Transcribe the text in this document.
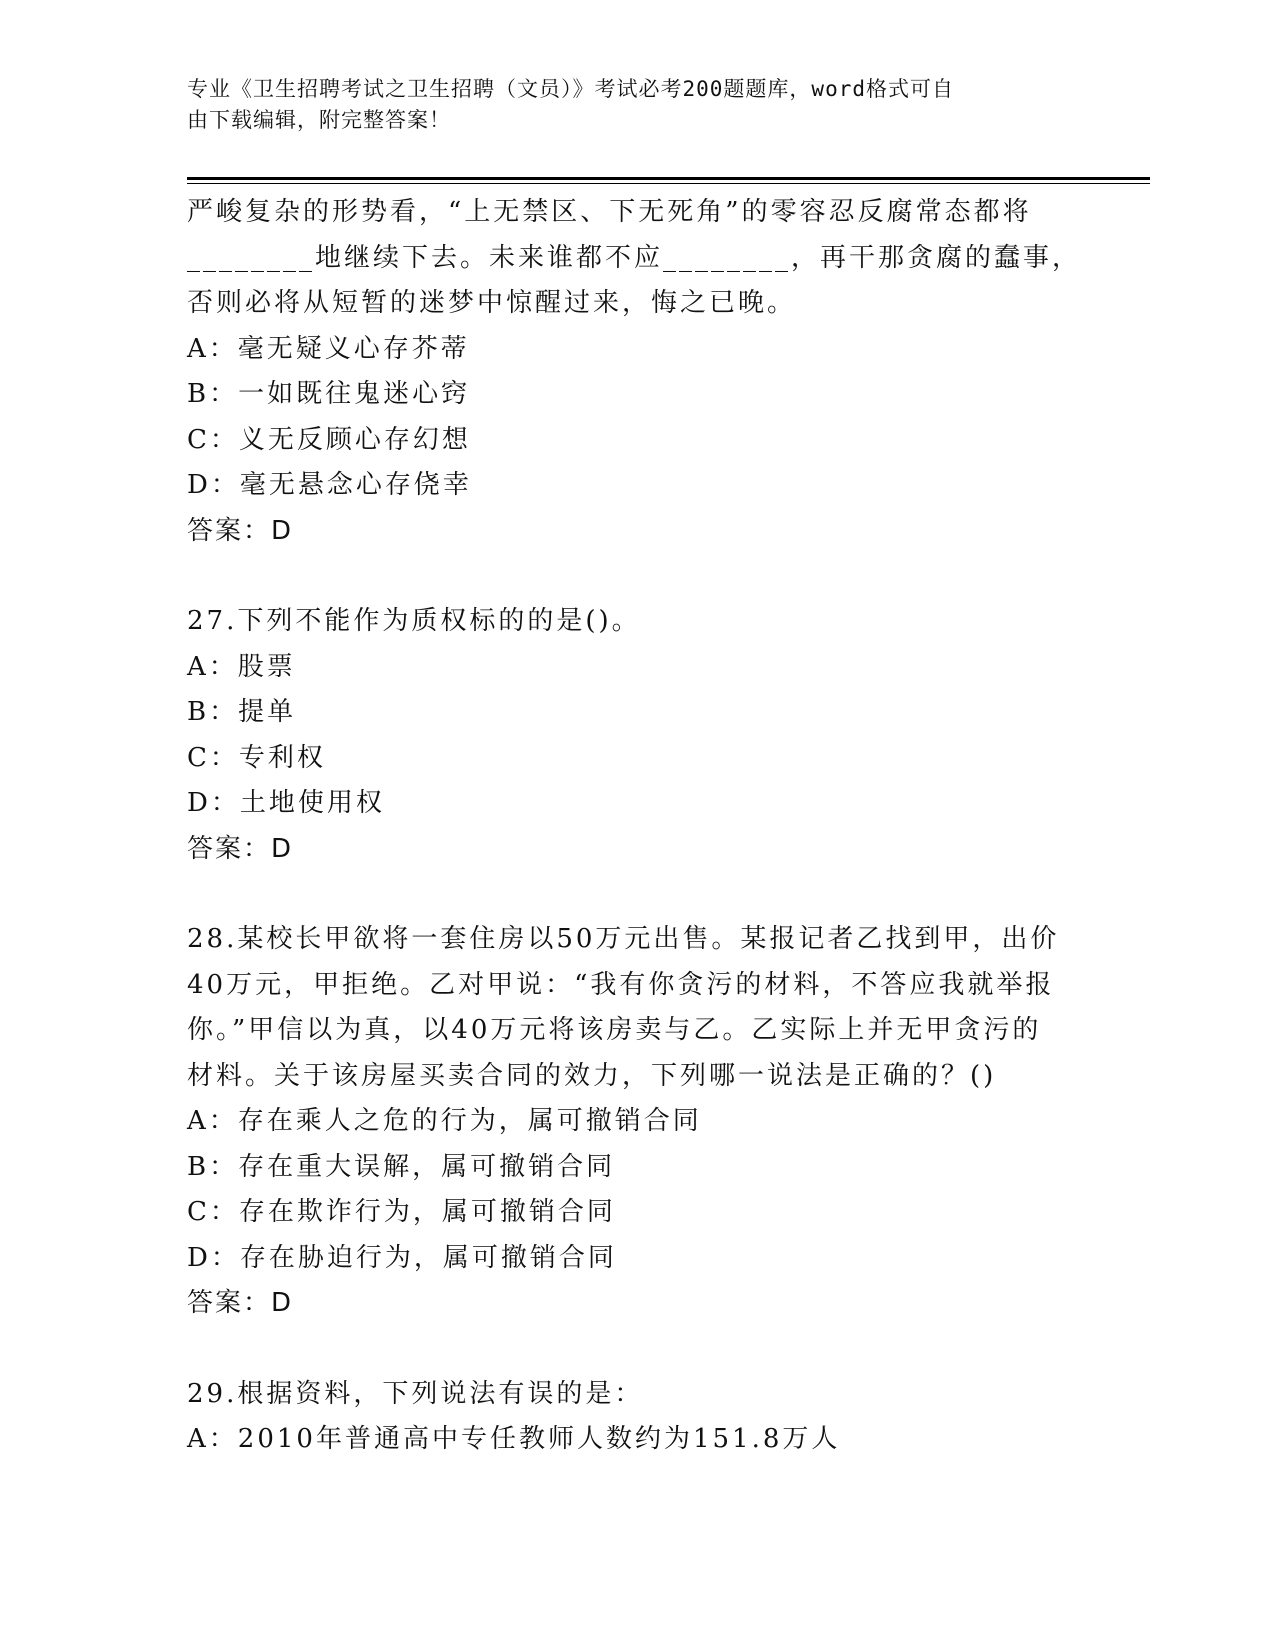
专业《卫生招聘考试之卫生招聘（文员）》考试必考200题题库，word格式可自
由下载编辑，附完整答案！

严峻复杂的形势看，“上无禁区、下无死角”的零容忍反腐常态都将

________地继续下去。未来谁都不应________，再干那贪腐的蠢事，

否则必将从短暂的迷梦中惊醒过来，悔之已晚。

A：毫无疑义心存芥蒂

B：一如既往鬼迷心窍

C：义无反顾心存幻想

D：毫无悬念心存侥幸

答案：D

27.下列不能作为质权标的的是()。

A：股票

B：提单

C：专利权

D：土地使用权

答案：D

28.某校长甲欲将一套住房以50万元出售。某报记者乙找到甲，出价

40万元，甲拒绝。乙对甲说：“我有你贪污的材料，不答应我就举报

你。”甲信以为真，以40万元将该房卖与乙。乙实际上并无甲贪污的

材料。关于该房屋买卖合同的效力，下列哪一说法是正确的？()

A：存在乘人之危的行为，属可撤销合同

B：存在重大误解，属可撤销合同

C：存在欺诈行为，属可撤销合同

D：存在胁迫行为，属可撤销合同

答案：D

29.根据资料，下列说法有误的是：

A：2010年普通高中专任教师人数约为151.8万人
